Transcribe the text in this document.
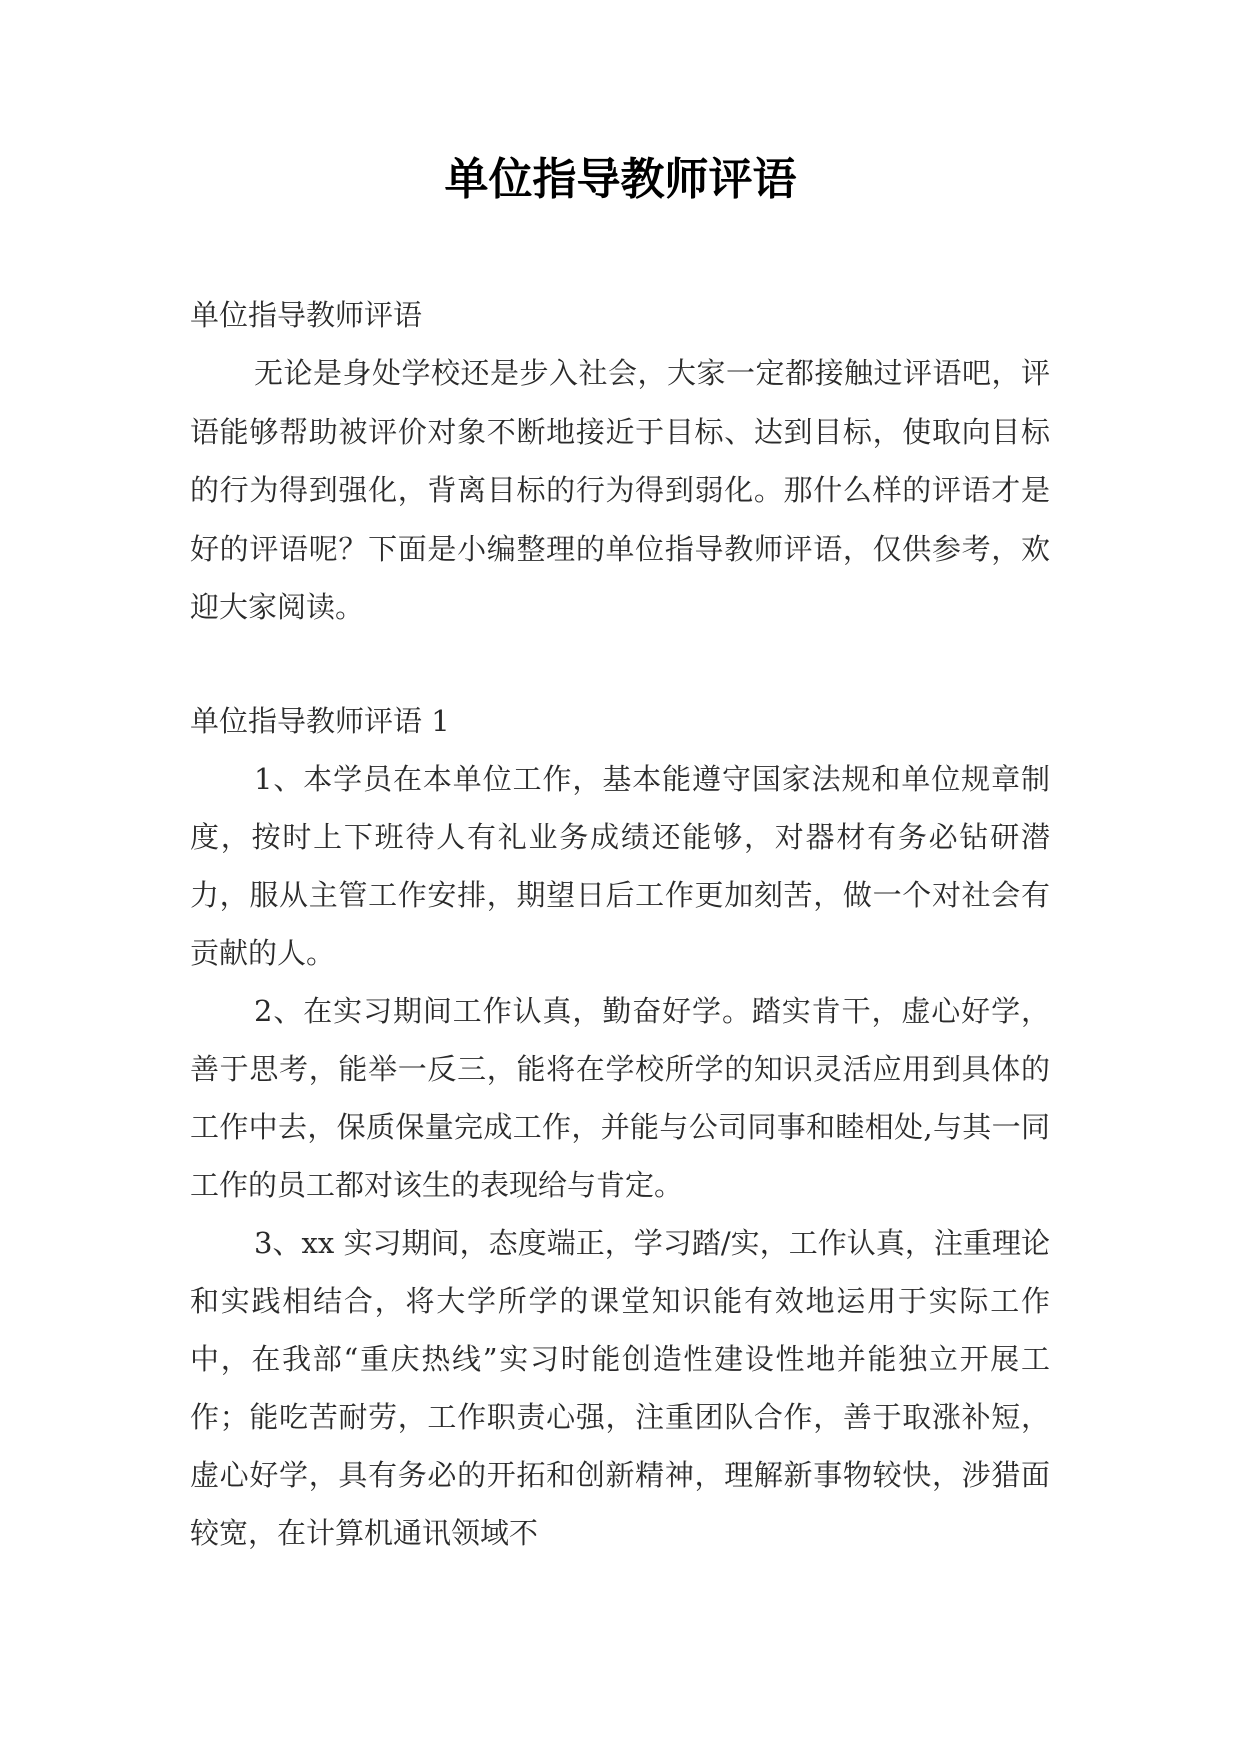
单位指导教师评语

单位指导教师评语

无论是身处学校还是步入社会，大家一定都接触过评语吧，评语能够帮助被评价对象不断地接近于目标、达到目标，使取向目标的行为得到强化，背离目标的行为得到弱化。那什么样的评语才是好的评语呢？下面是小编整理的单位指导教师评语，仅供参考，欢迎大家阅读。

单位指导教师评语 1

1、本学员在本单位工作，基本能遵守国家法规和单位规章制度，按时上下班待人有礼业务成绩还能够，对器材有务必钻研潜力，服从主管工作安排，期望日后工作更加刻苦，做一个对社会有贡献的人。

2、在实习期间工作认真，勤奋好学。踏实肯干，虚心好学，善于思考，能举一反三，能将在学校所学的知识灵活应用到具体的工作中去，保质保量完成工作，并能与公司同事和睦相处,与其一同工作的员工都对该生的表现给与肯定。

3、xx 实习期间，态度端正，学习踏/实，工作认真，注重理论和实践相结合，将大学所学的课堂知识能有效地运用于实际工作中，在我部“重庆热线”实习时能创造性建设性地并能独立开展工作；能吃苦耐劳，工作职责心强，注重团队合作，善于取涨补短，虚心好学，具有务必的开拓和创新精神，理解新事物较快，涉猎面较宽，在计算机通讯领域不
